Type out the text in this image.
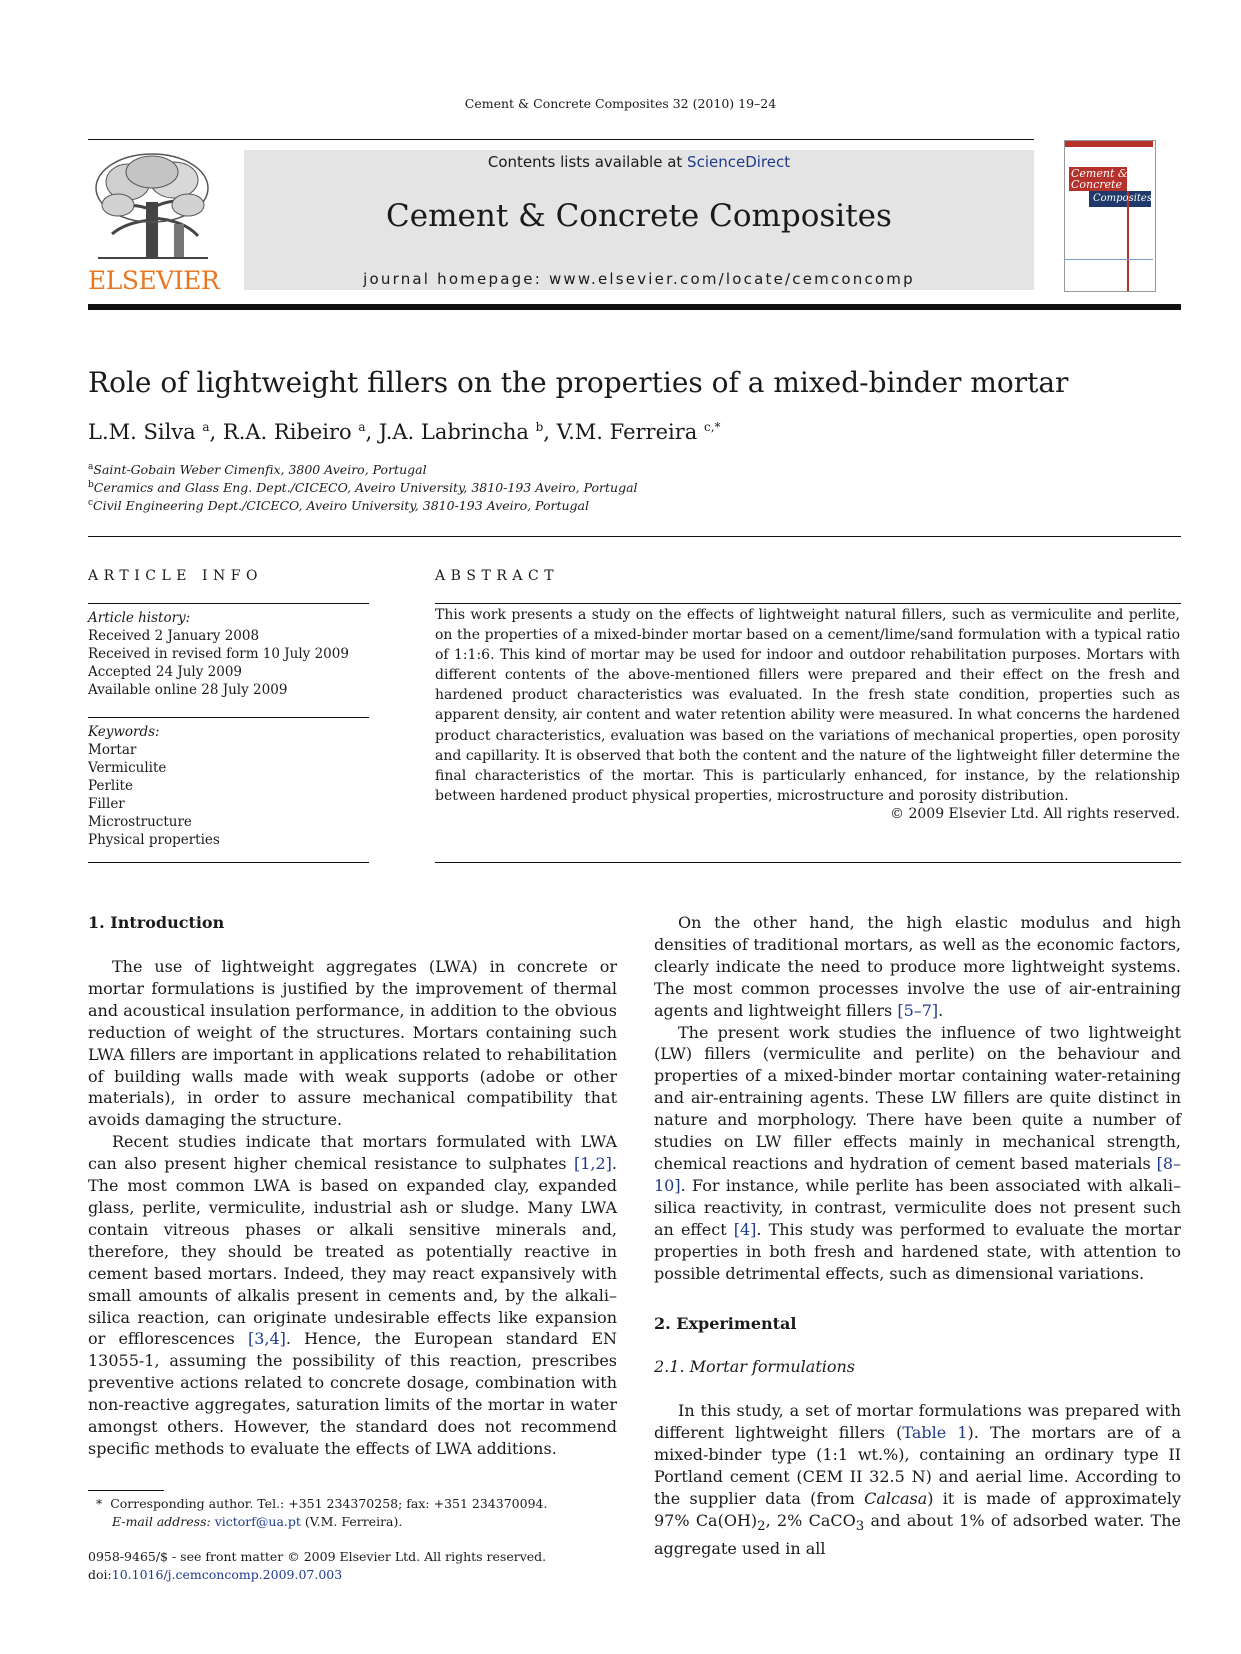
Cement & Concrete Composites 32 (2010) 19–24
ELSEVIER
Contents lists available at ScienceDirect
Cement & Concrete Composites
journal homepage: www.elsevier.com/locate/cemconcomp
Cement &
Concrete
Composites
Role of lightweight fillers on the properties of a mixed-binder mortar
L.M. Silva $^a$, R.A. Ribeiro $^a$, J.A. Labrincha $^b$, V.M. Ferreira $^{c,*}$
$^a$Saint-Gobain Weber Cimenfix, 3800 Aveiro, Portugal
$^b$Ceramics and Glass Eng. Dept./CICECO, Aveiro University, 3810-193 Aveiro, Portugal
$^c$Civil Engineering Dept./CICECO, Aveiro University, 3810-193 Aveiro, Portugal
ARTICLE INFO
Article history:
Received 2 January 2008
Received in revised form 10 July 2009
Accepted 24 July 2009
Available online 28 July 2009
Keywords:
Mortar
Vermiculite
Perlite
Filler
Microstructure
Physical properties
ABSTRACT
This work presents a study on the effects of lightweight natural fillers, such as vermiculite and perlite, on the properties of a mixed-binder mortar based on a cement/lime/sand formulation with a typical ratio of 1:1:6. This kind of mortar may be used for indoor and outdoor rehabilitation purposes. Mortars with different contents of the above-mentioned fillers were prepared and their effect on the fresh and hardened product characteristics was evaluated. In the fresh state condition, properties such as apparent density, air content and water retention ability were measured. In what concerns the hardened product characteristics, evaluation was based on the variations of mechanical properties, open porosity and capillarity. It is observed that both the content and the nature of the lightweight filler determine the final characteristics of the mortar. This is particularly enhanced, for instance, by the relationship between hardened product physical properties, microstructure and porosity distribution.
© 2009 Elsevier Ltd. All rights reserved.
1. Introduction

The use of lightweight aggregates (LWA) in concrete or mortar formulations is justified by the improvement of thermal and acoustical insulation performance, in addition to the obvious reduction of weight of the structures. Mortars containing such LWA fillers are important in applications related to rehabilitation of building walls made with weak supports (adobe or other materials), in order to assure mechanical compatibility that avoids damaging the structure.

Recent studies indicate that mortars formulated with LWA can also present higher chemical resistance to sulphates [1,2]. The most common LWA is based on expanded clay, expanded glass, perlite, vermiculite, industrial ash or sludge. Many LWA contain vitreous phases or alkali sensitive minerals and, therefore, they should be treated as potentially reactive in cement based mortars. Indeed, they may react expansively with small amounts of alkalis present in cements and, by the alkali–silica reaction, can originate undesirable effects like expansion or efflorescences [3,4]. Hence, the European standard EN 13055-1, assuming the possibility of this reaction, prescribes preventive actions related to concrete dosage, combination with non-reactive aggregates, saturation limits of the mortar in water amongst others. However, the standard does not recommend specific methods to evaluate the effects of LWA additions.

On the other hand, the high elastic modulus and high densities of traditional mortars, as well as the economic factors, clearly indicate the need to produce more lightweight systems. The most common processes involve the use of air-entraining agents and lightweight fillers [5–7].

The present work studies the influence of two lightweight (LW) fillers (vermiculite and perlite) on the behaviour and properties of a mixed-binder mortar containing water-retaining and air-entraining agents. These LW fillers are quite distinct in nature and morphology. There have been quite a number of studies on LW filler effects mainly in mechanical strength, chemical reactions and hydration of cement based materials [8–10]. For instance, while perlite has been associated with alkali–silica reactivity, in contrast, vermiculite does not present such an effect [4]. This study was performed to evaluate the mortar properties in both fresh and hardened state, with attention to possible detrimental effects, such as dimensional variations.

2. Experimental
2.1. Mortar formulations

In this study, a set of mortar formulations was prepared with different lightweight fillers (Table 1). The mortars are of a mixed-binder type (1:1 wt.%), containing an ordinary type II Portland cement (CEM II 32.5 N) and aerial lime. According to the supplier data (from Calcasa) it is made of approximately 97% $Ca(OH)_2$, 2% CaCO$_3$ and about 1% of adsorbed water. The aggregate used in all

* Corresponding author. Tel.: +351 234370258; fax: +351 234370094.
E-mail address: victorf@ua.pt (V.M. Ferreira).
0958-9465/$ - see front matter © 2009 Elsevier Ltd. All rights reserved.
doi:10.1016/j.cemconcomp.2009.07.003
